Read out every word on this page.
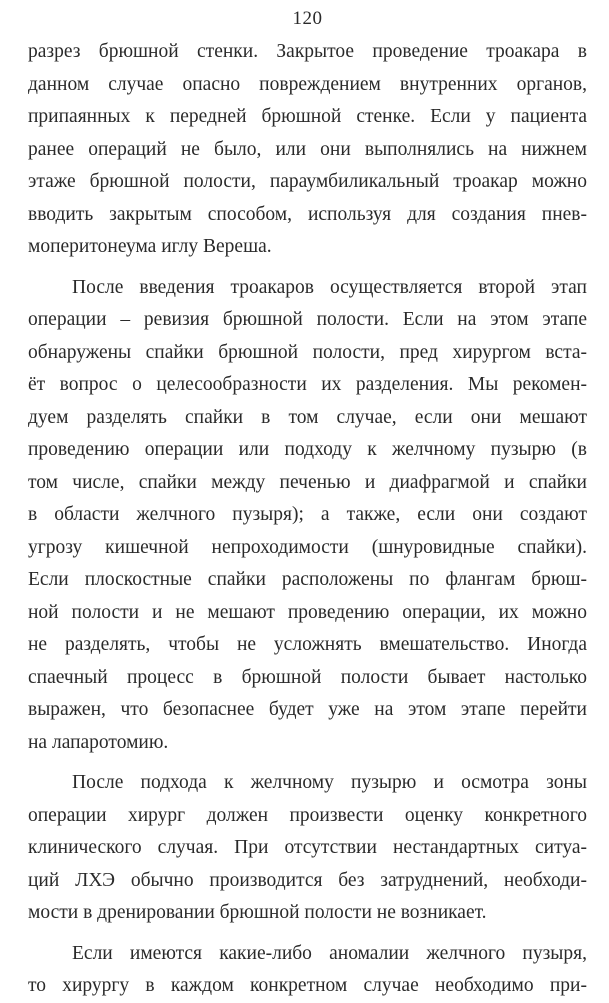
120
разрез брюшной стенки. Закрытое проведение троакара в
данном случае опасно повреждением внутренних органов,
припаянных к передней брюшной стенке. Если у пациента
ранее операций не было, или они выполнялись на нижнем
этаже брюшной полости, параумбиликальный троакар можно
вводить закрытым способом, используя для создания пнев-
моперитонеума иглу Вереша.
После введения троакаров осуществляется второй этап
операции – ревизия брюшной полости. Если на этом этапе
обнаружены спайки брюшной полости, пред хирургом вста-
ёт вопрос о целесообразности их разделения. Мы рекомен-
дуем разделять спайки в том случае, если они мешают
проведению операции или подходу к желчному пузырю (в
том числе, спайки между печенью и диафрагмой и спайки
в области желчного пузыря); а также, если они создают
угрозу кишечной непроходимости (шнуровидные спайки).
Если плоскостные спайки расположены по флангам брюш-
ной полости и не мешают проведению операции, их можно
не разделять, чтобы не усложнять вмешательство. Иногда
спаечный процесс в брюшной полости бывает настолько
выражен, что безопаснее будет уже на этом этапе перейти
на лапаротомию.
После подхода к желчному пузырю и осмотра зоны
операции хирург должен произвести оценку конкретного
клинического случая. При отсутствии нестандартных ситуа-
ций ЛХЭ обычно производится без затруднений, необходи-
мости в дренировании брюшной полости не возникает.
Если имеются какие-либо аномалии желчного пузыря,
то хирургу в каждом конкретном случае необходимо при-
